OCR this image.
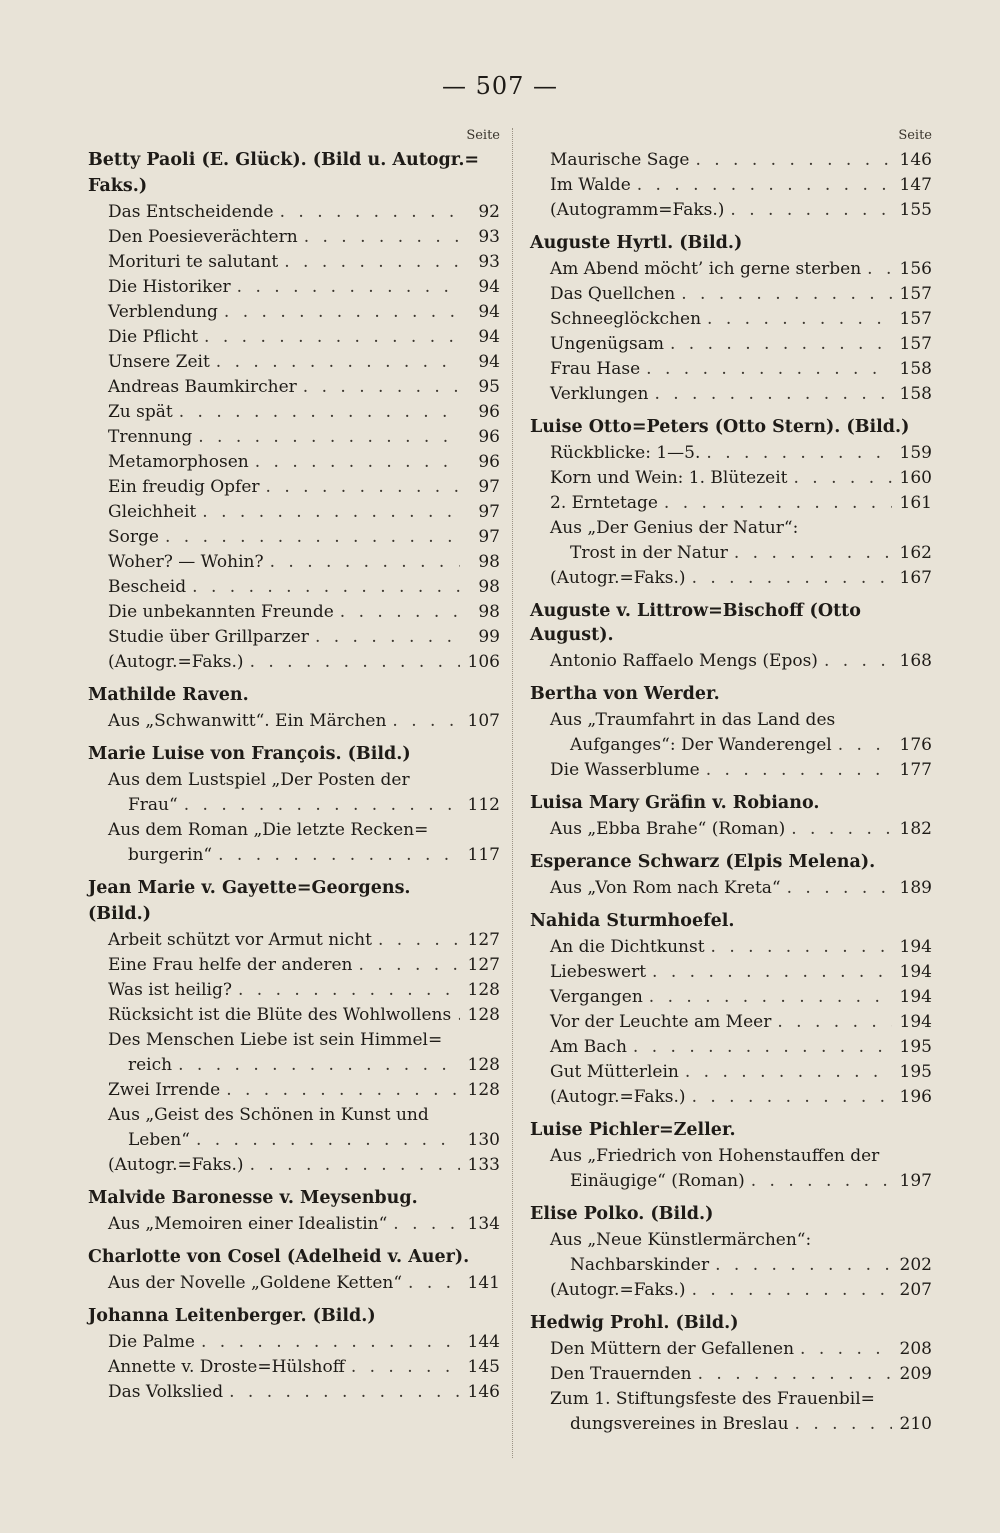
— 507 —
Seite
Betty Paoli (E. Glück). (Bild u. Autogr.=
Faks.)
Das Entscheidende . . .	92
Den Poesieverächtern . . .	93
Morituri te salutant . . .	93
Die Historiker . . .	94
Verblendung . . .	94
Die Pflicht . . .	94
Unsere Zeit . . .	94
Andreas Baumkircher . . .	95
Zu spät . . .	96
Trennung . . .	96
Metamorphosen . . .	96
Ein freudig Opfer . . .	97
Gleichheit . . .	97
Sorge . . .	97
Woher? — Wohin? . . .	98
Bescheid . . .	98
Die unbekannten Freunde . . .	98
Studie über Grillparzer . . .	99
(Autogr.=Faks.) . . .	106
Mathilde Raven.
Aus „Schwanwitt“. Ein Märchen . . .	107
Marie Luise von François. (Bild.)
Aus dem Lustspiel „Der Posten der
Frau“ . . .	112
Aus dem Roman „Die letzte Recken=
burgerin“ . . .	117
Jean Marie v. Gayette=Georgens.
(Bild.)
Arbeit schützt vor Armut nicht . . .	127
Eine Frau helfe der anderen . . .	127
Was ist heilig? . . .	128
Rücksicht ist die Blüte des Wohlwollens . . . 128
Des Menschen Liebe ist sein Himmel=
reich . . .	128
Zwei Irrende . . .	128
Aus „Geist des Schönen in Kunst und
Leben“ . . .	130
(Autogr.=Faks.) . . .	133
Malvide Baronesse v. Meysenbug.
Aus „Memoiren einer Idealistin“ . . .	134
Charlotte von Cosel (Adelheid v. Auer).
Aus der Novelle „Goldene Ketten“ . . .	141
Johanna Leitenberger. (Bild.)
Die Palme . . .	144
Annette v. Droste=Hülshoff . . .	145
Das Volkslied . . .	146
Seite
Maurische Sage . . .	146
Im Walde . . .	147
(Autogramm=Faks.) . . .	155
Auguste Hyrtl. (Bild.)
Am Abend möcht’ ich gerne sterben . . . 156
Das Quellchen . . .	157
Schneeglöckchen . . .	157
Ungenügsam . . .	157
Frau Hase . . .	158
Verklungen . . .	158
Luise Otto=Peters (Otto Stern). (Bild.)
Rückblicke: 1—5. . . .	159
Korn und Wein: 1. Blütezeit . . .	160
2. Erntetage . . .	161
Aus „Der Genius der Natur“:
Trost in der Natur . . .	162
(Autogr.=Faks.) . . .	167
Auguste v. Littrow=Bischoff (Otto August).
Antonio Raffaelo Mengs (Epos) . . .	168
Bertha von Werder.
Aus „Traumfahrt in das Land des
Aufganges“: Der Wanderengel . . .	176
Die Wasserblume . . .	177
Luisa Mary Gräfin v. Robiano.
Aus „Ebba Brahe“ (Roman) . . .	182
Esperance Schwarz (Elpis Melena).
Aus „Von Rom nach Kreta“ . . .	189
Nahida Sturmhoefel.
An die Dichtkunst . . .	194
Liebeswert . . .	194
Vergangen . . .	194
Vor der Leuchte am Meer . . .	194
Am Bach . . .	195
Gut Mütterlein . . .	195
(Autogr.=Faks.) . . .	196
Luise Pichler=Zeller.
Aus „Friedrich von Hohenstauffen der
Einäugige“ (Roman) . . .	197
Elise Polko. (Bild.)
Aus „Neue Künstlermärchen“:
Nachbarskinder . . .	202
(Autogr.=Faks.) . . .	207
Hedwig Prohl. (Bild.)
Den Müttern der Gefallenen . . .	208
Den Trauernden . . .	209
Zum 1. Stiftungsfeste des Frauenbil=
dungsvereines in Breslau . . .	210
